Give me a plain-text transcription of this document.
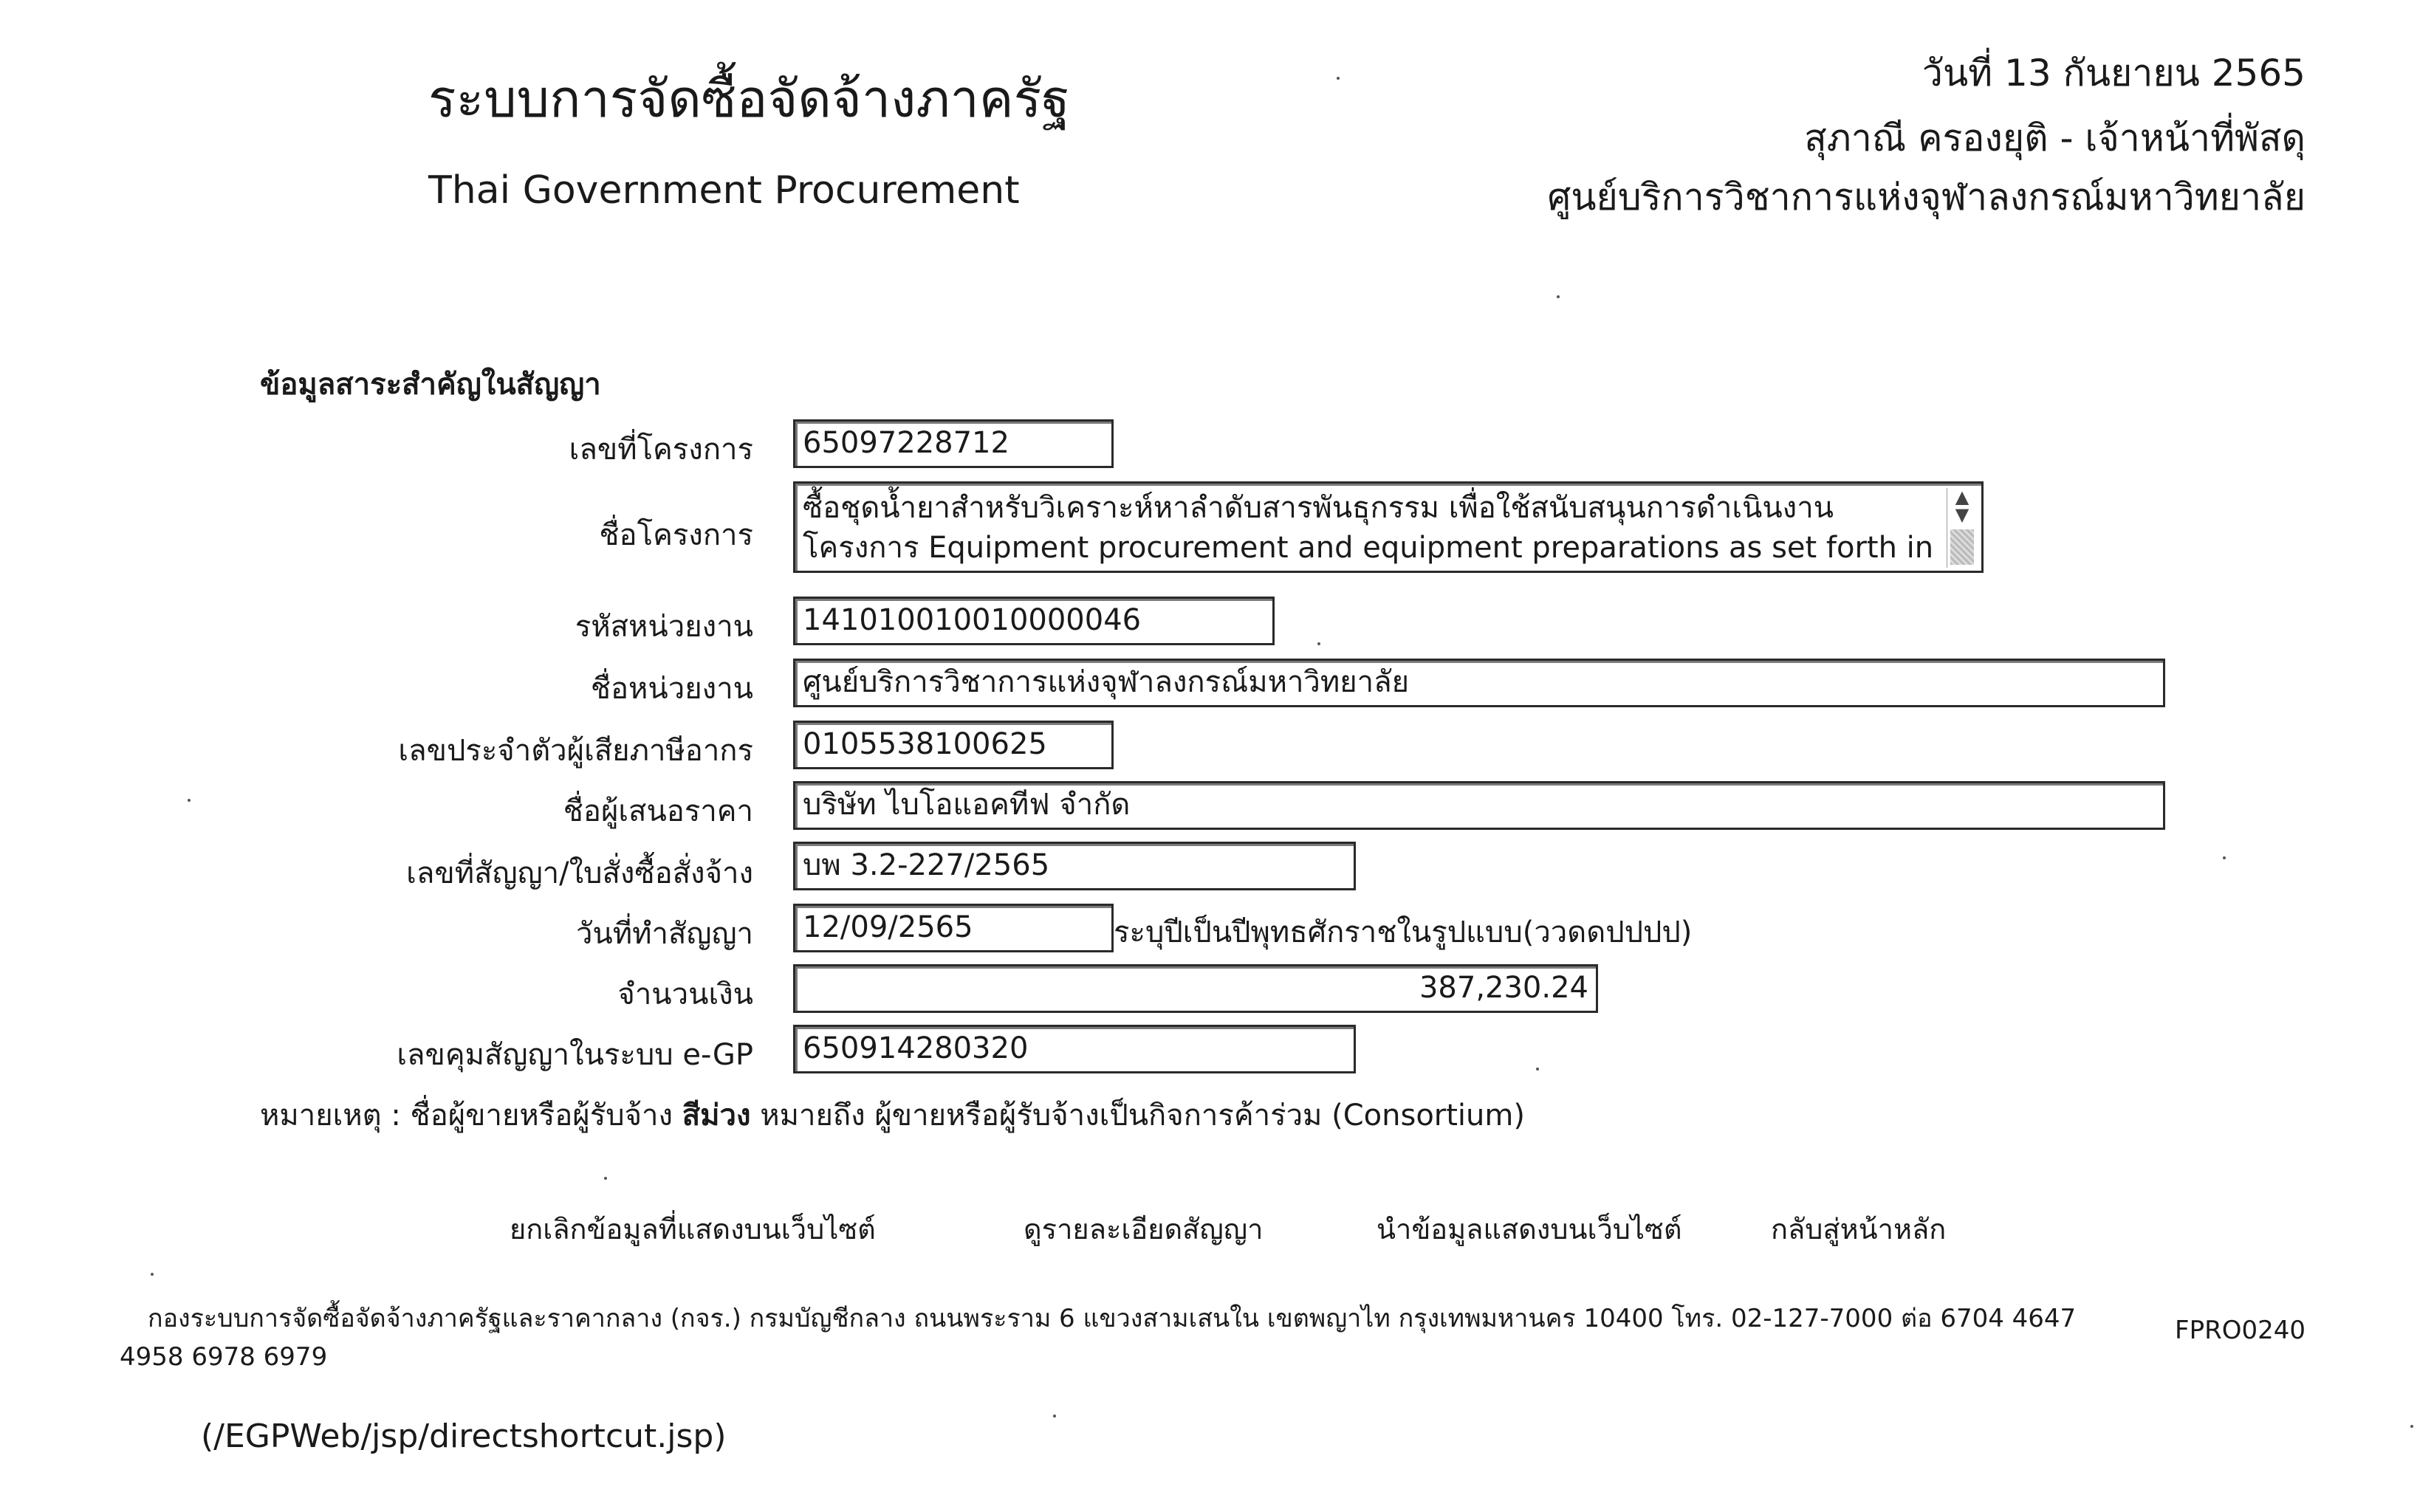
ระบบการจัดซื้อจัดจ้างภาครัฐ
Thai Government Procurement
วันที่ 13 กันยายน 2565
สุภาณี ครองยุติ - เจ้าหน้าที่พัสดุ
ศูนย์บริการวิชาการแห่งจุฬาลงกรณ์มหาวิทยาลัย
ข้อมูลสาระสำคัญในสัญญา
เลขที่โครงการ	65097228712
ชื่อโครงการ
ซื้อชุดน้ำยาสำหรับวิเคราะห์หาลำดับสารพันธุกรรม เพื่อใช้สนับสนุนการดำเนินงาน
โครงการ Equipment procurement and equipment preparations as set forth in
▲
▼
รหัสหน่วยงาน	141010010010000046
ชื่อหน่วยงาน	ศูนย์บริการวิชาการแห่งจุฬาลงกรณ์มหาวิทยาลัย
เลขประจำตัวผู้เสียภาษีอากร	0105538100625
ชื่อผู้เสนอราคา	บริษัท ไบโอแอคทีฟ จำกัด
เลขที่สัญญา/ใบสั่งซื้อสั่งจ้าง	บพ 3.2-227/2565
วันที่ทำสัญญา	12/09/2565	ระบุปีเป็นปีพุทธศักราชในรูปแบบ(ววดดปปปป)
จำนวนเงิน	387,230.24
เลขคุมสัญญาในระบบ e-GP	650914280320
หมายเหตุ : ชื่อผู้ขายหรือผู้รับจ้าง สีม่วง หมายถึง ผู้ขายหรือผู้รับจ้างเป็นกิจการค้าร่วม (Consortium)
ยกเลิกข้อมูลที่แสดงบนเว็บไซต์	ดูรายละเอียดสัญญา	นำข้อมูลแสดงบนเว็บไซต์	กลับสู่หน้าหลัก
กองระบบการจัดซื้อจัดจ้างภาครัฐและราคากลาง (กจร.) กรมบัญชีกลาง ถนนพระราม 6 แขวงสามเสนใน เขตพญาไท กรุงเทพมหานคร 10400 โทร. 02-127-7000 ต่อ 6704 4647
4958 6978 6979
FPRO0240
(/EGPWeb/jsp/directshortcut.jsp)
